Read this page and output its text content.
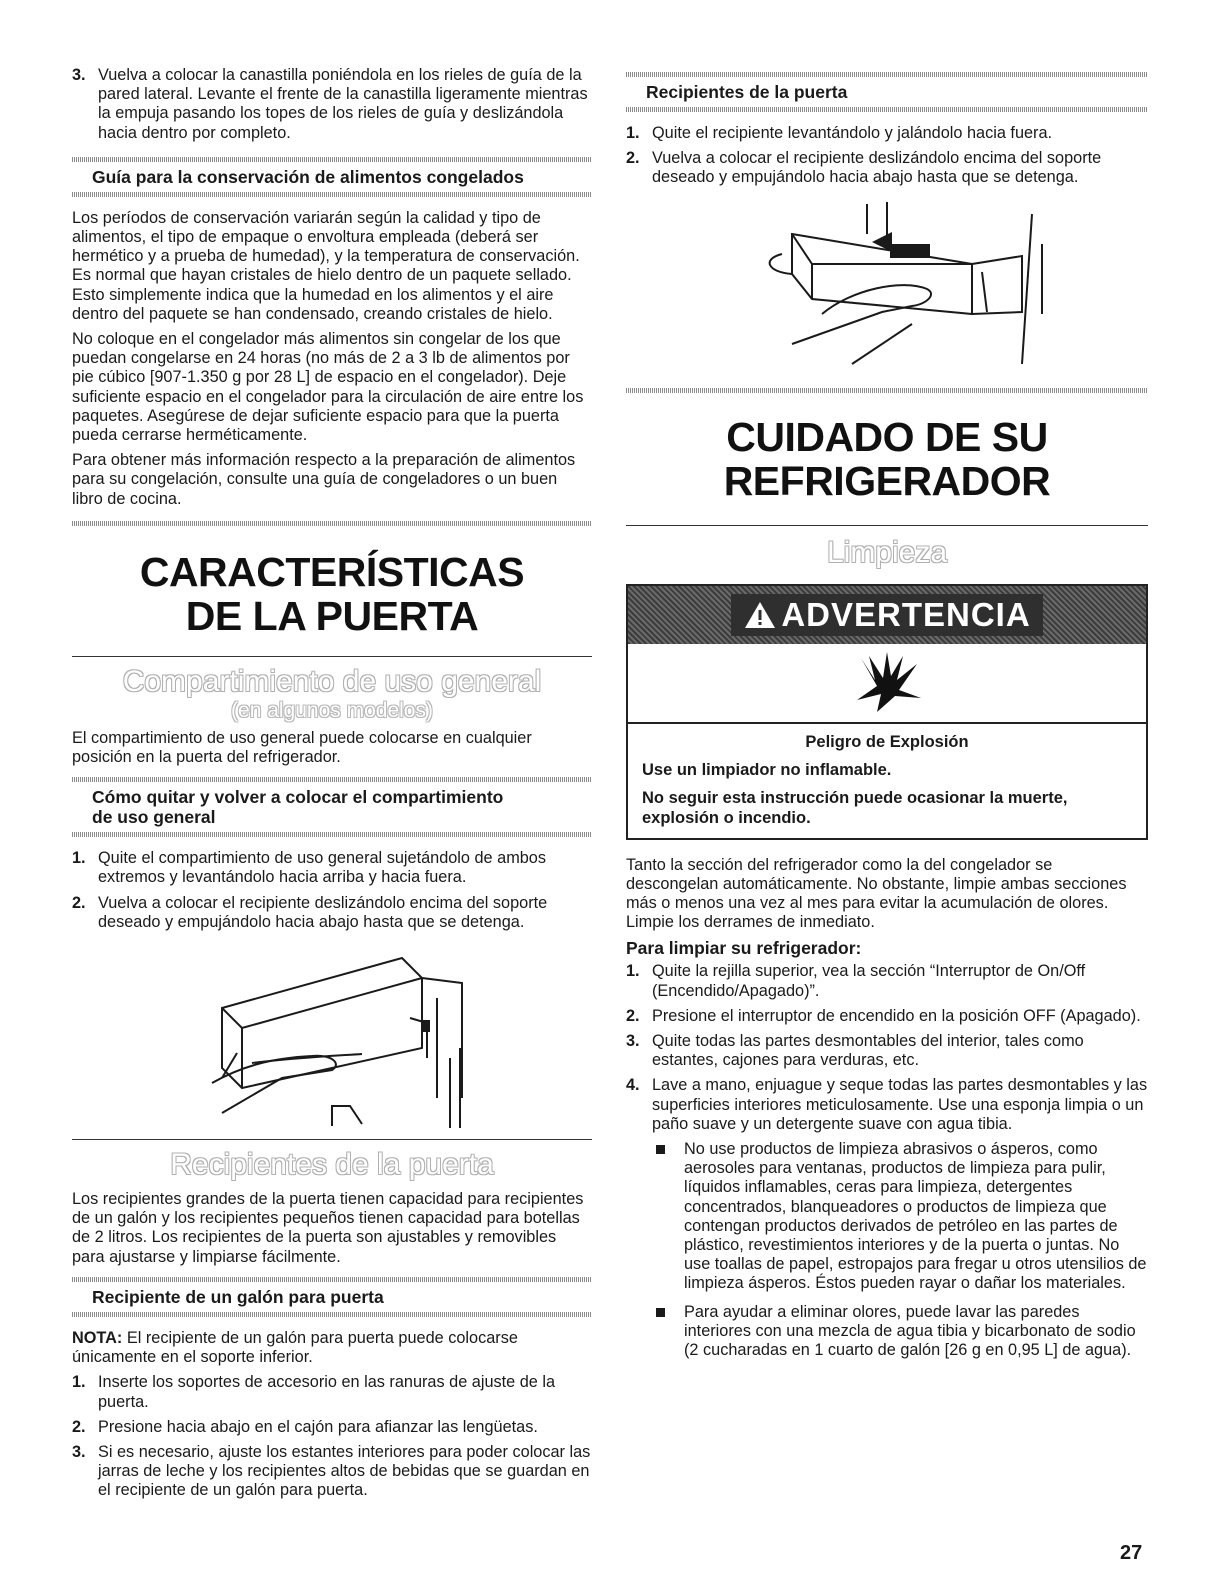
3. Vuelva a colocar la canastilla poniéndola en los rieles de guía de la pared lateral. Levante el frente de la canastilla ligeramente mientras la empuja pasando los topes de los rieles de guía y deslizándola hacia dentro por completo.
Guía para la conservación de alimentos congelados

Los períodos de conservación variarán según la calidad y tipo de alimentos, el tipo de empaque o envoltura empleada (deberá ser hermético y a prueba de humedad), y la temperatura de conservación. Es normal que hayan cristales de hielo dentro de un paquete sellado. Esto simplemente indica que la humedad en los alimentos y el aire dentro del paquete se han condensado, creando cristales de hielo.

No coloque en el congelador más alimentos sin congelar de los que puedan congelarse en 24 horas (no más de 2 a 3 lb de alimentos por pie cúbico [907-1.350 g por 28 L] de espacio en el congelador). Deje suficiente espacio en el congelador para la circulación de aire entre los paquetes. Asegúrese de dejar suficiente espacio para que la puerta pueda cerrarse herméticamente.

Para obtener más información respecto a la preparación de alimentos para su congelación, consulte una guía de congeladores o un buen libro de cocina.

CARACTERÍSTICAS
DE LA PUERTA
Compartimiento de uso general
(en algunos modelos)

El compartimiento de uso general puede colocarse en cualquier posición en la puerta del refrigerador.

Cómo quitar y volver a colocar el compartimiento
de uso general
1. Quite el compartimiento de uso general sujetándolo de ambos extremos y levantándolo hacia arriba y hacia fuera.
2. Vuelva a colocar el recipiente deslizándolo encima del soporte deseado y empujándolo hacia abajo hasta que se detenga.
Recipientes de la puerta

Los recipientes grandes de la puerta tienen capacidad para recipientes de un galón y los recipientes pequeños tienen capacidad para botellas de 2 litros. Los recipientes de la puerta son ajustables y removibles para ajustarse y limpiarse fácilmente.

Recipiente de un galón para puerta

NOTA: El recipiente de un galón para puerta puede colocarse únicamente en el soporte inferior.

1. Inserte los soportes de accesorio en las ranuras de ajuste de la puerta.
2. Presione hacia abajo en el cajón para afianzar las lengüetas.
3. Si es necesario, ajuste los estantes interiores para poder colocar las jarras de leche y los recipientes altos de bebidas que se guardan en el recipiente de un galón para puerta.
Recipientes de la puerta
1. Quite el recipiente levantándolo y jalándolo hacia fuera.
2. Vuelva a colocar el recipiente deslizándolo encima del soporte deseado y empujándolo hacia abajo hasta que se detenga.
CUIDADO DE SU
REFRIGERADOR
Limpieza
ADVERTENCIA
Peligro de Explosión
Use un limpiador no inflamable.
No seguir esta instrucción puede ocasionar la muerte, explosión o incendio.

Tanto la sección del refrigerador como la del congelador se descongelan automáticamente. No obstante, limpie ambas secciones más o menos una vez al mes para evitar la acumulación de olores. Limpie los derrames de inmediato.

Para limpiar su refrigerador:
1. Quite la rejilla superior, vea la sección “Interruptor de On/Off (Encendido/Apagado)”.
2. Presione el interruptor de encendido en la posición OFF (Apagado).
3. Quite todas las partes desmontables del interior, tales como estantes, cajones para verduras, etc.
4. Lave a mano, enjuague y seque todas las partes desmontables y las superficies interiores meticulosamente. Use una esponja limpia o un paño suave y un detergente suave con agua tibia.
No use productos de limpieza abrasivos o ásperos, como aerosoles para ventanas, productos de limpieza para pulir, líquidos inflamables, ceras para limpieza, detergentes concentrados, blanqueadores o productos de limpieza que contengan productos derivados de petróleo en las partes de plástico, revestimientos interiores y de la puerta o juntas. No use toallas de papel, estropajos para fregar u otros utensilios de limpieza ásperos. Éstos pueden rayar o dañar los materiales.
Para ayudar a eliminar olores, puede lavar las paredes interiores con una mezcla de agua tibia y bicarbonato de sodio (2 cucharadas en 1 cuarto de galón [26 g en 0,95 L] de agua).
27
